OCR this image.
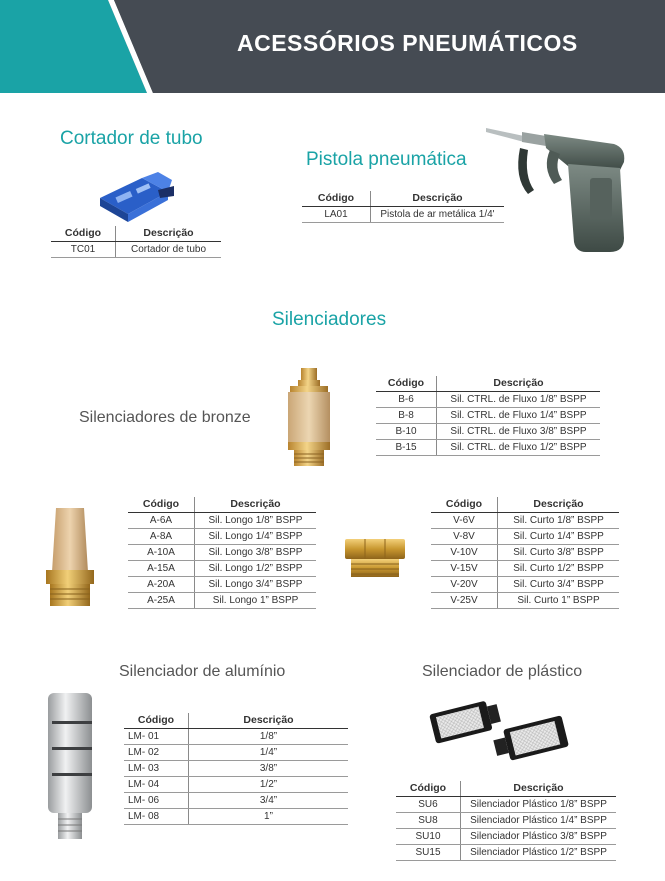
ACESSÓRIOS PNEUMÁTICOS
Cortador de tubo
Código	Descrição
TC01	Cortador de tubo
Pistola pneumática
Código	Descrição
LA01	Pistola de ar metálica 1/4'
Silenciadores
Silenciadores de bronze
Código	Descrição
B-6	Sil. CTRL. de Fluxo 1/8” BSPP
B-8	Sil. CTRL. de Fluxo 1/4” BSPP
B-10	Sil. CTRL. de Fluxo 3/8” BSPP
B-15	Sil. CTRL. de Fluxo 1/2” BSPP
Código	Descrição
A-6A	Sil. Longo 1/8” BSPP
A-8A	Sil. Longo 1/4” BSPP
A-10A	Sil. Longo 3/8” BSPP
A-15A	Sil. Longo 1/2” BSPP
A-20A	Sil. Longo 3/4” BSPP
A-25A	Sil. Longo 1” BSPP
Código	Descrição
V-6V	Sil. Curto 1/8” BSPP
V-8V	Sil. Curto 1/4” BSPP
V-10V	Sil. Curto 3/8” BSPP
V-15V	Sil. Curto 1/2” BSPP
V-20V	Sil. Curto 3/4” BSPP
V-25V	Sil. Curto 1” BSPP
Silenciador de alumínio
Código	Descrição
LM- 01	1/8”
LM- 02	1/4”
LM- 03	3/8”
LM- 04	1/2”
LM- 06	3/4”
LM- 08	1”
Silenciador de plástico
Código	Descrição
SU6	Silenciador Plástico 1/8” BSPP
SU8	Silenciador Plástico 1/4” BSPP
SU10	Silenciador Plástico 3/8” BSPP
SU15	Silenciador Plástico 1/2” BSPP
